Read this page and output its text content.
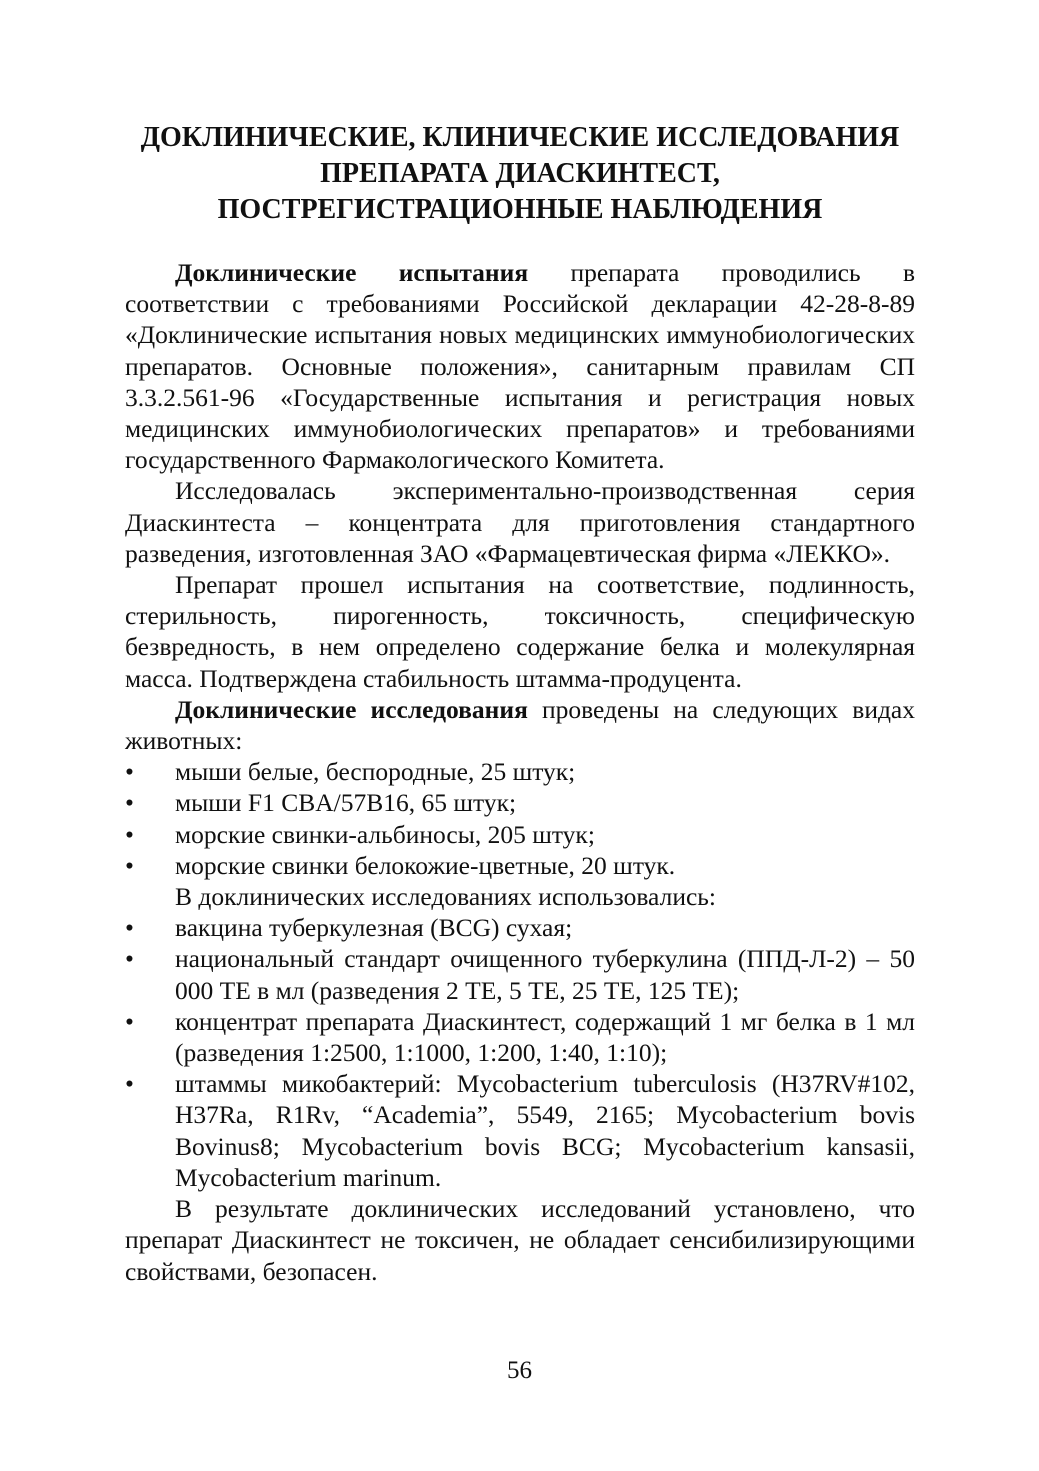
ДОКЛИНИЧЕСКИЕ, КЛИНИЧЕСКИЕ ИССЛЕДОВАНИЯ
ПРЕПАРАТА ДИАСКИНТЕСТ,
ПОСТРЕГИСТРАЦИОННЫЕ НАБЛЮДЕНИЯ

Доклинические испытания препарата проводились в соответствии с требованиями Российской декларации 42-28-8-89 «Доклинические испытания новых медицинских иммунобиологических препаратов. Основные положения», санитарным правилам СП 3.3.2.561-96 «Государственные испытания и регистрация новых медицинских иммунобиологических препаратов» и требованиями государственного Фармакологического Комитета.

Исследовалась экспериментально-производственная серия Диаскинтеста – концентрата для приготовления стандартного разведения, изготовленная ЗАО «Фармацевтическая фирма «ЛЕККО».

Препарат прошел испытания на соответствие, подлинность, стерильность, пирогенность, токсичность, специфическую безвредность, в нем определено содержание белка и молекулярная масса. Подтверждена стабильность штамма-продуцента.

Доклинические исследования проведены на следующих видах животных:

•	мыши белые, беспородные, 25 штук;
•	мыши F1 CBA/57B16, 65 штук;
•	морские свинки-альбиносы, 205 штук;
•	морские свинки белокожие-цветные, 20 штук.

В доклинических исследованиях использовались:

•	вакцина туберкулезная (BCG) сухая;
•	национальный стандарт очищенного туберкулина (ППД-Л-2) – 50 000 ТЕ в мл (разведения 2 ТЕ, 5 ТЕ, 25 ТЕ, 125 ТЕ);
•	концентрат препарата Диаскинтест, содержащий 1 мг белка в 1 мл (разведения 1:2500, 1:1000, 1:200, 1:40, 1:10);
•	штаммы микобактерий: Mycobacterium tuberculosis (H37RV#102, H37Ra, R1Rv, “Academia”, 5549, 2165; Mycobacterium bovis Bovinus8; Mycobacterium bovis BCG; Mycobacterium kansasii, Mycobacterium marinum.

В результате доклинических исследований установлено, что препарат Диаскинтест не токсичен, не обладает сенсибилизирующими свойствами, безопасен.

56
